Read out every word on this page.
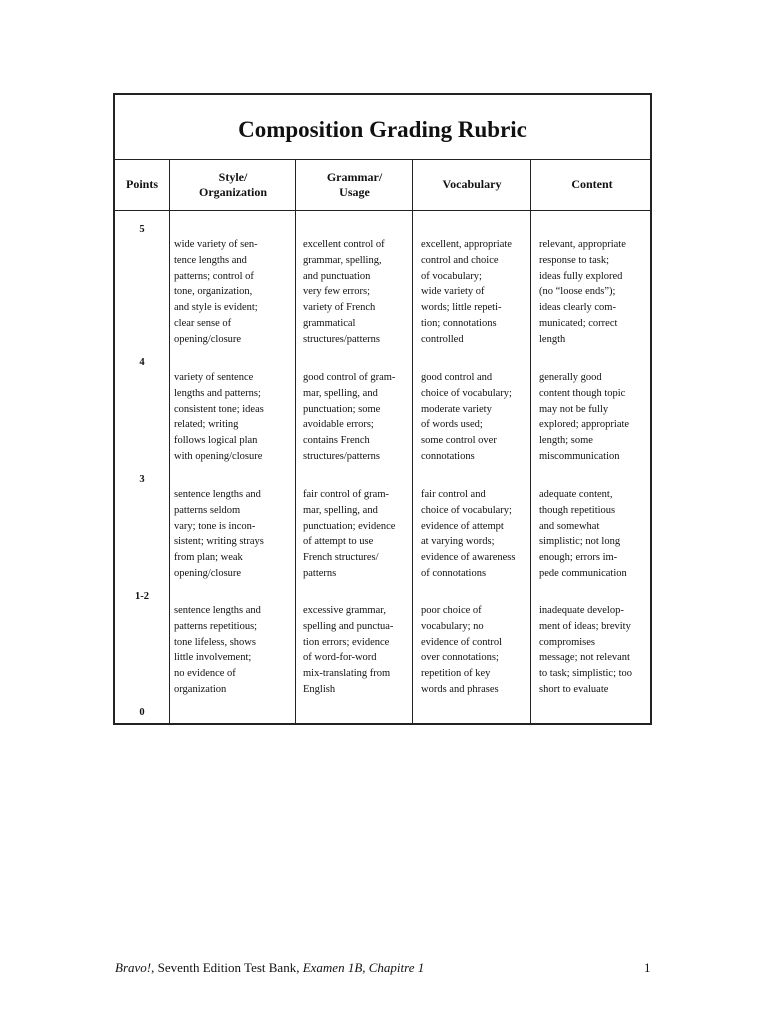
Composition Grading Rubric
Points
Style/
Organization
Grammar/
Usage
Vocabulary	Content
5
4
3
1-2
0
wide variety of sen-
tence lengths and
patterns; control of
tone, organization,
and style is evident;
clear sense of
opening/closure
excellent control of
grammar, spelling,
and punctuation
very few errors;
variety of French
grammatical
structures/patterns
excellent, appropriate
control and choice
of vocabulary;
wide variety of
words; little repeti-
tion; connotations
controlled
relevant, appropriate
response to task;
ideas fully explored
(no “loose ends”);
ideas clearly com-
municated; correct
length
variety of sentence
lengths and patterns;
consistent tone; ideas
related; writing
follows logical plan
with opening/closure
good control of gram-
mar, spelling, and
punctuation; some
avoidable errors;
contains French
structures/patterns
good control and
choice of vocabulary;
moderate variety
of words used;
some control over
connotations
generally good
content though topic
may not be fully
explored; appropriate
length; some
miscommunication
sentence lengths and
patterns seldom
vary; tone is incon-
sistent; writing strays
from plan; weak
opening/closure
fair control of gram-
mar, spelling, and
punctuation; evidence
of attempt to use
French structures/
patterns
fair control and
choice of vocabulary;
evidence of attempt
at varying words;
evidence of awareness
of connotations
adequate content,
though repetitious
and somewhat
simplistic; not long
enough; errors im-
pede communication
sentence lengths and
patterns repetitious;
tone lifeless, shows
little involvement;
no evidence of
organization
excessive grammar,
spelling and punctua-
tion errors; evidence
of word-for-word
mix-translating from
English
poor choice of
vocabulary; no
evidence of control
over connotations;
repetition of key
words and phrases
inadequate develop-
ment of ideas; brevity
compromises
message; not relevant
to task; simplistic; too
short to evaluate
Bravo!, Seventh Edition Test Bank, Examen 1B, Chapitre 1	1
